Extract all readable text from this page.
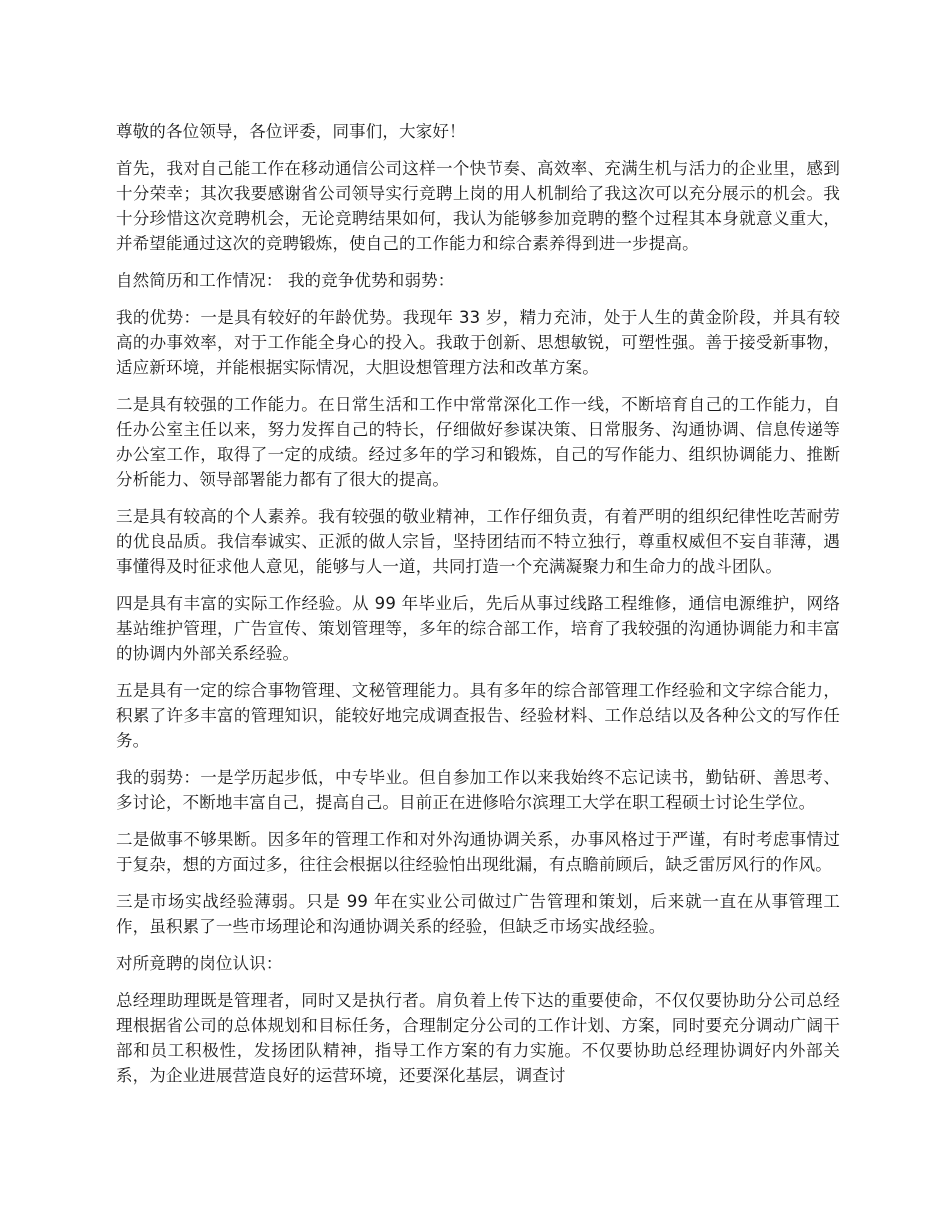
尊敬的各位领导，各位评委，同事们，大家好！

首先，我对自己能工作在移动通信公司这样一个快节奏、高效率、充满生机与活力的企业里，感到十分荣幸；其次我要感谢省公司领导实行竞聘上岗的用人机制给了我这次可以充分展示的机会。我十分珍惜这次竞聘机会，无论竞聘结果如何，我认为能够参加竞聘的整个过程其本身就意义重大，并希望能通过这次的竞聘锻炼，使自己的工作能力和综合素养得到进一步提高。

自然简历和工作情况： 我的竞争优势和弱势：

我的优势：一是具有较好的年龄优势。我现年 33 岁，精力充沛，处于人生的黄金阶段，并具有较高的办事效率，对于工作能全身心的投入。我敢于创新、思想敏锐，可塑性强。善于接受新事物，适应新环境，并能根据实际情况，大胆设想管理方法和改革方案。

二是具有较强的工作能力。在日常生活和工作中常常深化工作一线，不断培育自己的工作能力，自任办公室主任以来，努力发挥自己的特长，仔细做好参谋决策、日常服务、沟通协调、信息传递等办公室工作，取得了一定的成绩。经过多年的学习和锻炼，自己的写作能力、组织协调能力、推断分析能力、领导部署能力都有了很大的提高。

三是具有较高的个人素养。我有较强的敬业精神，工作仔细负责，有着严明的组织纪律性吃苦耐劳的优良品质。我信奉诚实、正派的做人宗旨，坚持团结而不特立独行，尊重权威但不妄自菲薄，遇事懂得及时征求他人意见，能够与人一道，共同打造一个充满凝聚力和生命力的战斗团队。

四是具有丰富的实际工作经验。从 99 年毕业后，先后从事过线路工程维修，通信电源维护，网络基站维护管理，广告宣传、策划管理等，多年的综合部工作，培育了我较强的沟通协调能力和丰富的协调内外部关系经验。

五是具有一定的综合事物管理、文秘管理能力。具有多年的综合部管理工作经验和文字综合能力，积累了许多丰富的管理知识，能较好地完成调查报告、经验材料、工作总结以及各种公文的写作任务。

我的弱势：一是学历起步低，中专毕业。但自参加工作以来我始终不忘记读书，勤钻研、善思考、多讨论，不断地丰富自己，提高自己。目前正在进修哈尔滨理工大学在职工程硕士讨论生学位。

二是做事不够果断。因多年的管理工作和对外沟通协调关系，办事风格过于严谨，有时考虑事情过于复杂，想的方面过多，往往会根据以往经验怕出现纰漏，有点瞻前顾后，缺乏雷厉风行的作风。

三是市场实战经验薄弱。只是 99 年在实业公司做过广告管理和策划，后来就一直在从事管理工作，虽积累了一些市场理论和沟通协调关系的经验，但缺乏市场实战经验。

对所竟聘的岗位认识：

总经理助理既是管理者，同时又是执行者。肩负着上传下达的重要使命，不仅仅要协助分公司总经理根据省公司的总体规划和目标任务，合理制定分公司的工作计划、方案，同时要充分调动广阔干部和员工积极性，发扬团队精神，指导工作方案的有力实施。不仅要协助总经理协调好内外部关系，为企业进展营造良好的运营环境，还要深化基层，调查讨
